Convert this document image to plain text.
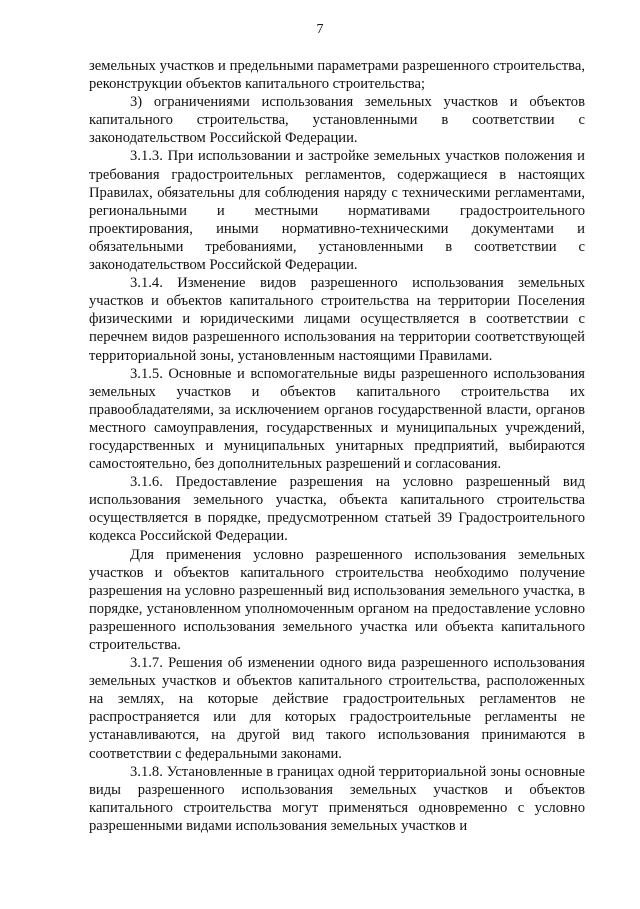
7

земельных участков и предельными параметрами разрешенного строительства, реконструкции объектов капитального строительства;

3) ограничениями использования земельных участков и объектов капитального строительства, установленными в соответствии с законодательством Российской Федерации.

3.1.3. При использовании и застройке земельных участков положения и требования градостроительных регламентов, содержащиеся в настоящих Правилах, обязательны для соблюдения наряду с техническими регламентами, региональными и местными нормативами градостроительного проектирования, иными нормативно-техническими документами и обязательными требованиями, установленными в соответствии с законодательством Российской Федерации.

3.1.4. Изменение видов разрешенного использования земельных участков и объектов капитального строительства на территории Поселения физическими и юридическими лицами осуществляется в соответствии с перечнем видов разрешенного использования на территории соответствующей территориальной зоны, установленным настоящими Правилами.

3.1.5. Основные и вспомогательные виды разрешенного использования земельных участков и объектов капитального строительства их правообладателями, за исключением органов государственной власти, органов местного самоуправления, государственных и муниципальных учреждений, государственных и муниципальных унитарных предприятий, выбираются самостоятельно, без дополнительных разрешений и согласования.

3.1.6. Предоставление разрешения на условно разрешенный вид использования земельного участка, объекта капитального строительства осуществляется в порядке, предусмотренном статьей 39 Градостроительного кодекса Российской Федерации.

Для применения условно разрешенного использования земельных участков и объектов капитального строительства необходимо получение разрешения на условно разрешенный вид использования земельного участка, в порядке, установленном уполномоченным органом на предоставление условно разрешенного использования земельного участка или объекта капитального строительства.

3.1.7. Решения об изменении одного вида разрешенного использования земельных участков и объектов капитального строительства, расположенных на землях, на которые действие градостроительных регламентов не распространяется или для которых градостроительные регламенты не устанавливаются, на другой вид такого использования принимаются в соответствии с федеральными законами.

3.1.8. Установленные в границах одной территориальной зоны основные виды разрешенного использования земельных участков и объектов капитального строительства могут применяться одновременно с условно разрешенными видами использования земельных участков и
